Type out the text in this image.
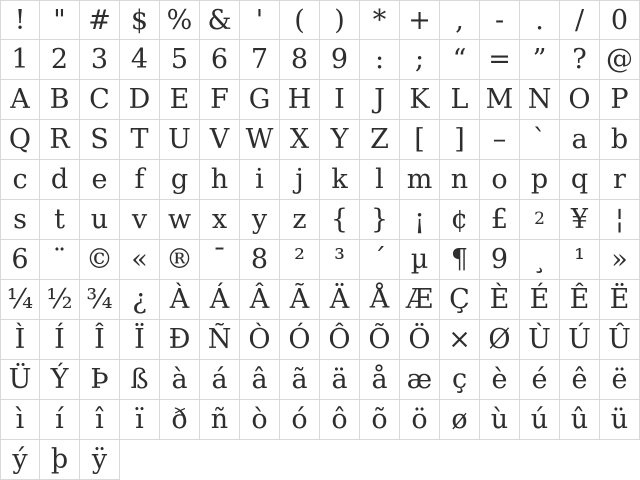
!	" # $ % & '	(	)	* + ,	-	.	/ 0
1 2 3 4 5 6 7 8 9 :	;	“ = ” ? @
A B C D E F G H I	J K L M N O P
Q R S T U V W X Y Z [	]	– ` a b
c d e	f g h i	j	k	l m n o p q r
s	t u v w x y z { } ¡ ¢ £	2 ¥ ¦
6 ¨ © « ® ¯ 8 ²	³	´ µ ¶ 9 ¸	¹ »
¼ ½ ¾ ¿ À Á Â Ã Ä Å Æ Ç È É Ê Ë
Ì	Í	Î	Ï Ð Ñ Ò Ó Ô Õ Ö × Ø Ù Ú Û
Ü Ý Þ ß à á â ã ä å æ ç è é ê ë
ì	í	î	ï	ð ñ ò ó ô õ ö ø ù ú û ü
ý þ ÿ
